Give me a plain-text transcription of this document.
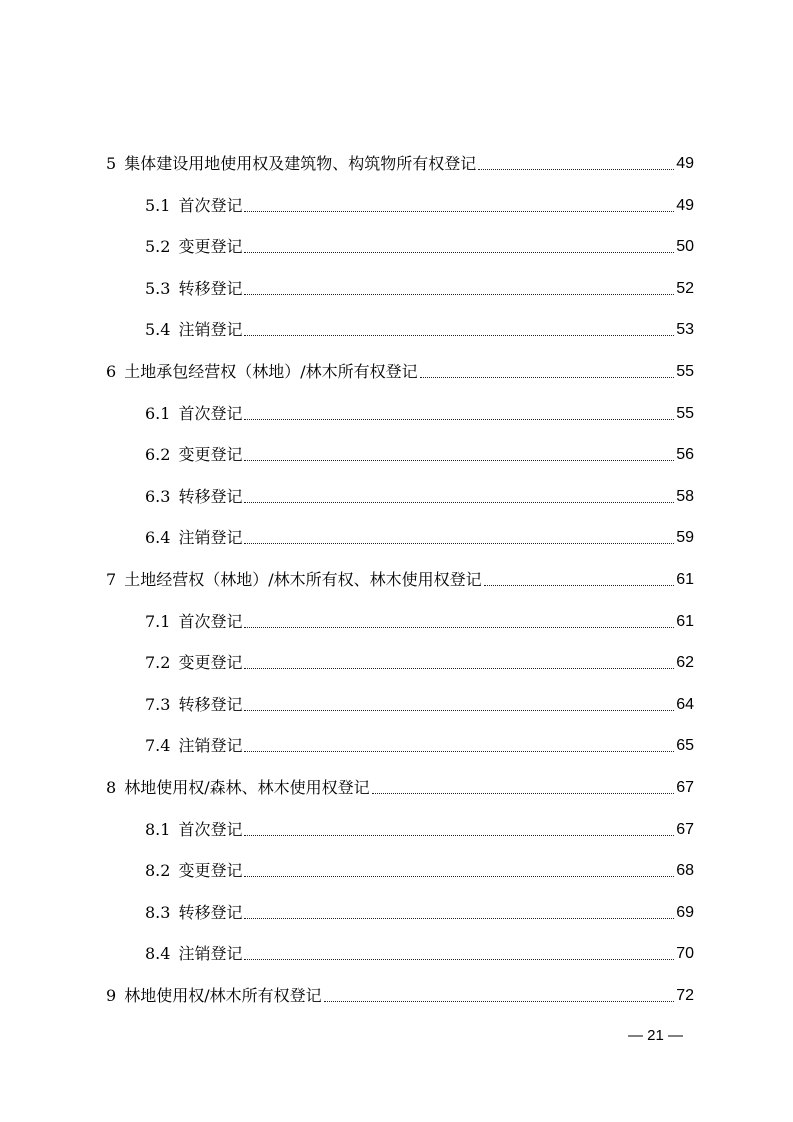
5 集体建设用地使用权及建筑物、构筑物所有权登记	49
5.1 首次登记	49
5.2 变更登记	50
5.3 转移登记	52
5.4 注销登记	53
6 土地承包经营权（林地）/林木所有权登记	55
6.1 首次登记	55
6.2 变更登记	56
6.3 转移登记	58
6.4 注销登记	59
7 土地经营权（林地）/林木所有权、林木使用权登记	61
7.1 首次登记	61
7.2 变更登记	62
7.3 转移登记	64
7.4 注销登记	65
8 林地使用权/森林、林木使用权登记	67
8.1 首次登记	67
8.2 变更登记	68
8.3 转移登记	69
8.4 注销登记	70
9 林地使用权/林木所有权登记	72
— 21 —
